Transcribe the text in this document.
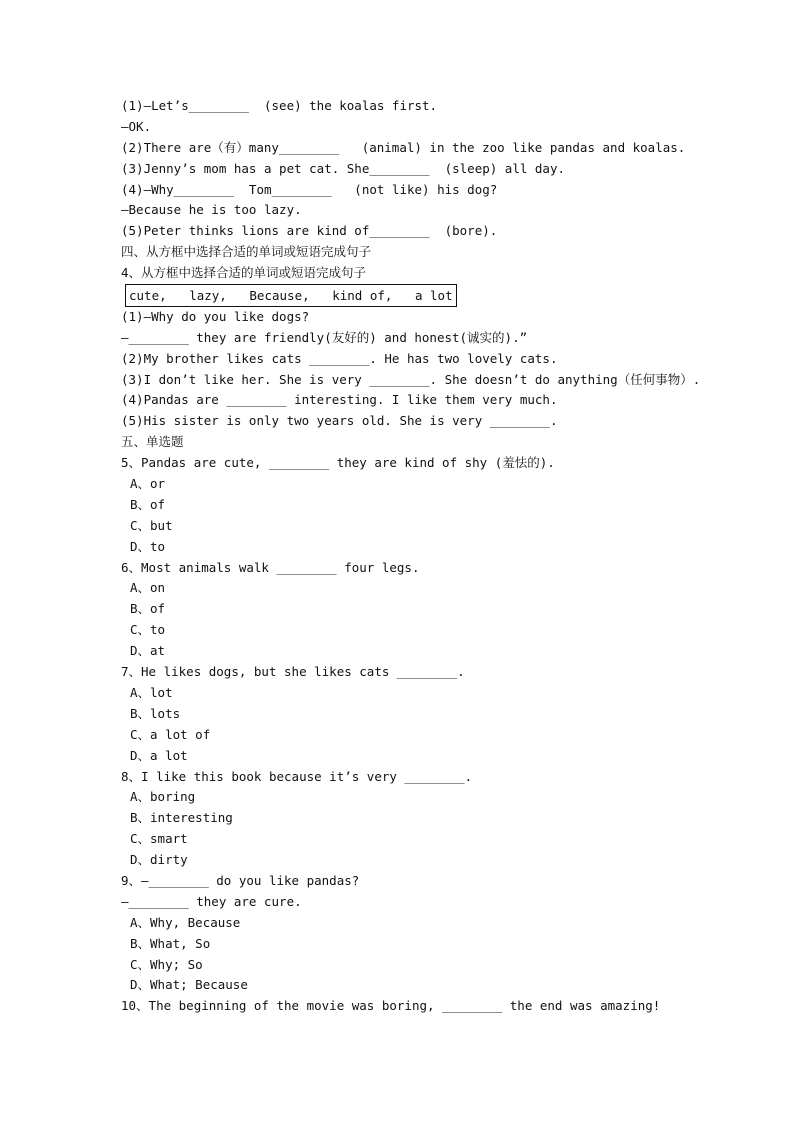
(1)—Let’s________  (see) the koalas first.
—OK.
(2)There are（有）many________   (animal) in the zoo like pandas and koalas.
(3)Jenny’s mom has a pet cat. She________  (sleep) all day.
(4)—Why________  Tom________   (not like) his dog?
—Because he is too lazy.
(5)Peter thinks lions are kind of________  (bore).
四、从方框中选择合适的单词或短语完成句子
4、从方框中选择合适的单词或短语完成句子
cute,   lazy,   Because,   kind of,   a lot
(1)—Why do you like dogs?
—________ they are friendly(友好的) and honest(诚实的).”
(2)My brother likes cats ________. He has two lovely cats.
(3)I don’t like her. She is very ________. She doesn’t do anything（任何事物）.
(4)Pandas are ________ interesting. I like them very much.
(5)His sister is only two years old. She is very ________.
五、单选题
5、Pandas are cute, ________ they are kind of shy (羞怯的).
A、or
B、of
C、but
D、to
6、Most animals walk ________ four legs.
A、on
B、of
C、to
D、at
7、He likes dogs, but she likes cats ________.
A、lot
B、lots
C、a lot of
D、a lot
8、I like this book because it’s very ________.
A、boring
B、interesting
C、smart
D、dirty
9、—________ do you like pandas?
—________ they are cure.
A、Why, Because
B、What, So
C、Why; So
D、What; Because
10、The beginning of the movie was boring, ________ the end was amazing!
